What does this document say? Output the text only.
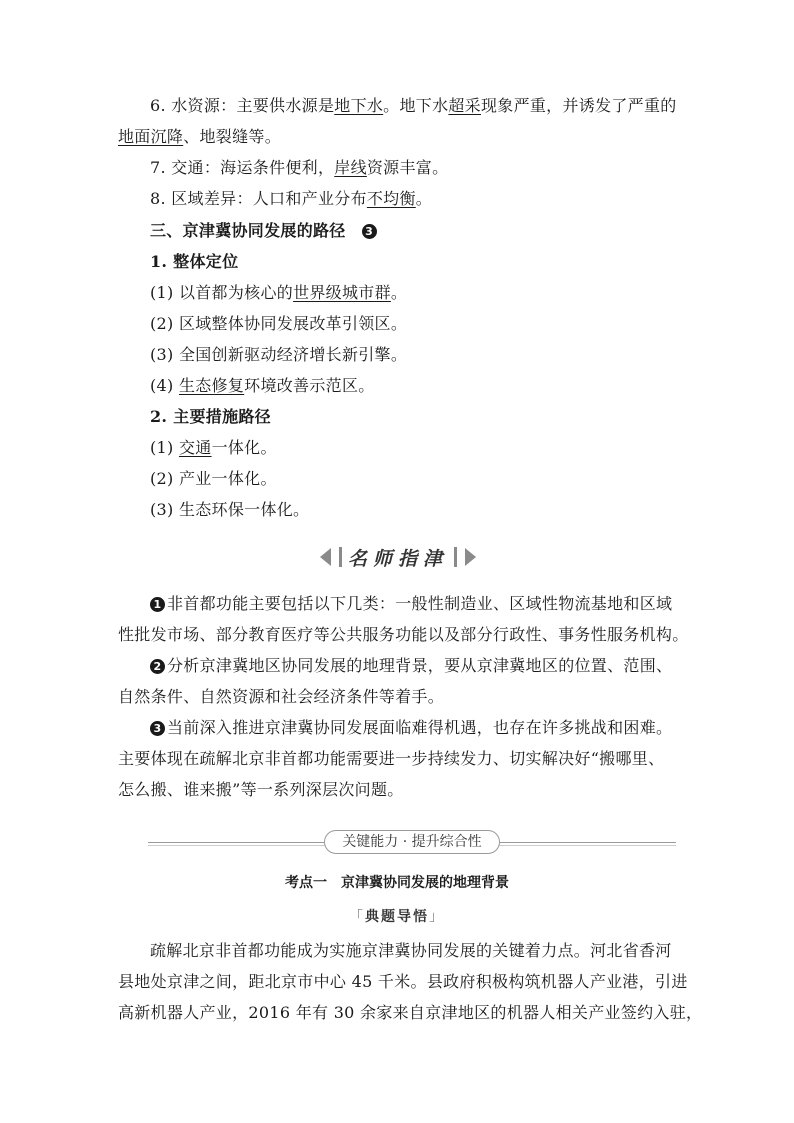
6. 水资源：主要供水源是地下水。地下水超采现象严重，并诱发了严重的
地面沉降、地裂缝等。
7. 交通：海运条件便利，岸线资源丰富。
8. 区域差异：人口和产业分布不均衡。
三、京津冀协同发展的路径 3
1. 整体定位
(1) 以首都为核心的世界级城市群。
(2) 区域整体协同发展改革引领区。
(3) 全国创新驱动经济增长新引擎。
(4) 生态修复环境改善示范区。
2. 主要措施路径
(1) 交通一体化。
(2) 产业一体化。
(3) 生态环保一体化。
名师指津
1 非首都功能主要包括以下几类：一般性制造业、区域性物流基地和区域
性批发市场、部分教育医疗等公共服务功能以及部分行政性、事务性服务机构。
2 分析京津冀地区协同发展的地理背景，要从京津冀地区的位置、范围、
自然条件、自然资源和社会经济条件等着手。
3 当前深入推进京津冀协同发展面临难得机遇，也存在许多挑战和困难。
主要体现在疏解北京非首都功能需要进一步持续发力、切实解决好“搬哪里、
怎么搬、谁来搬”等一系列深层次问题。
关键能力 · 提升综合性
考点一　京津冀协同发展的地理背景
「典题导悟」
疏解北京非首都功能成为实施京津冀协同发展的关键着力点。河北省香河
县地处京津之间，距北京市中心 45 千米。县政府积极构筑机器人产业港，引进
高新机器人产业，2016 年有 30 余家来自京津地区的机器人相关产业签约入驻，
